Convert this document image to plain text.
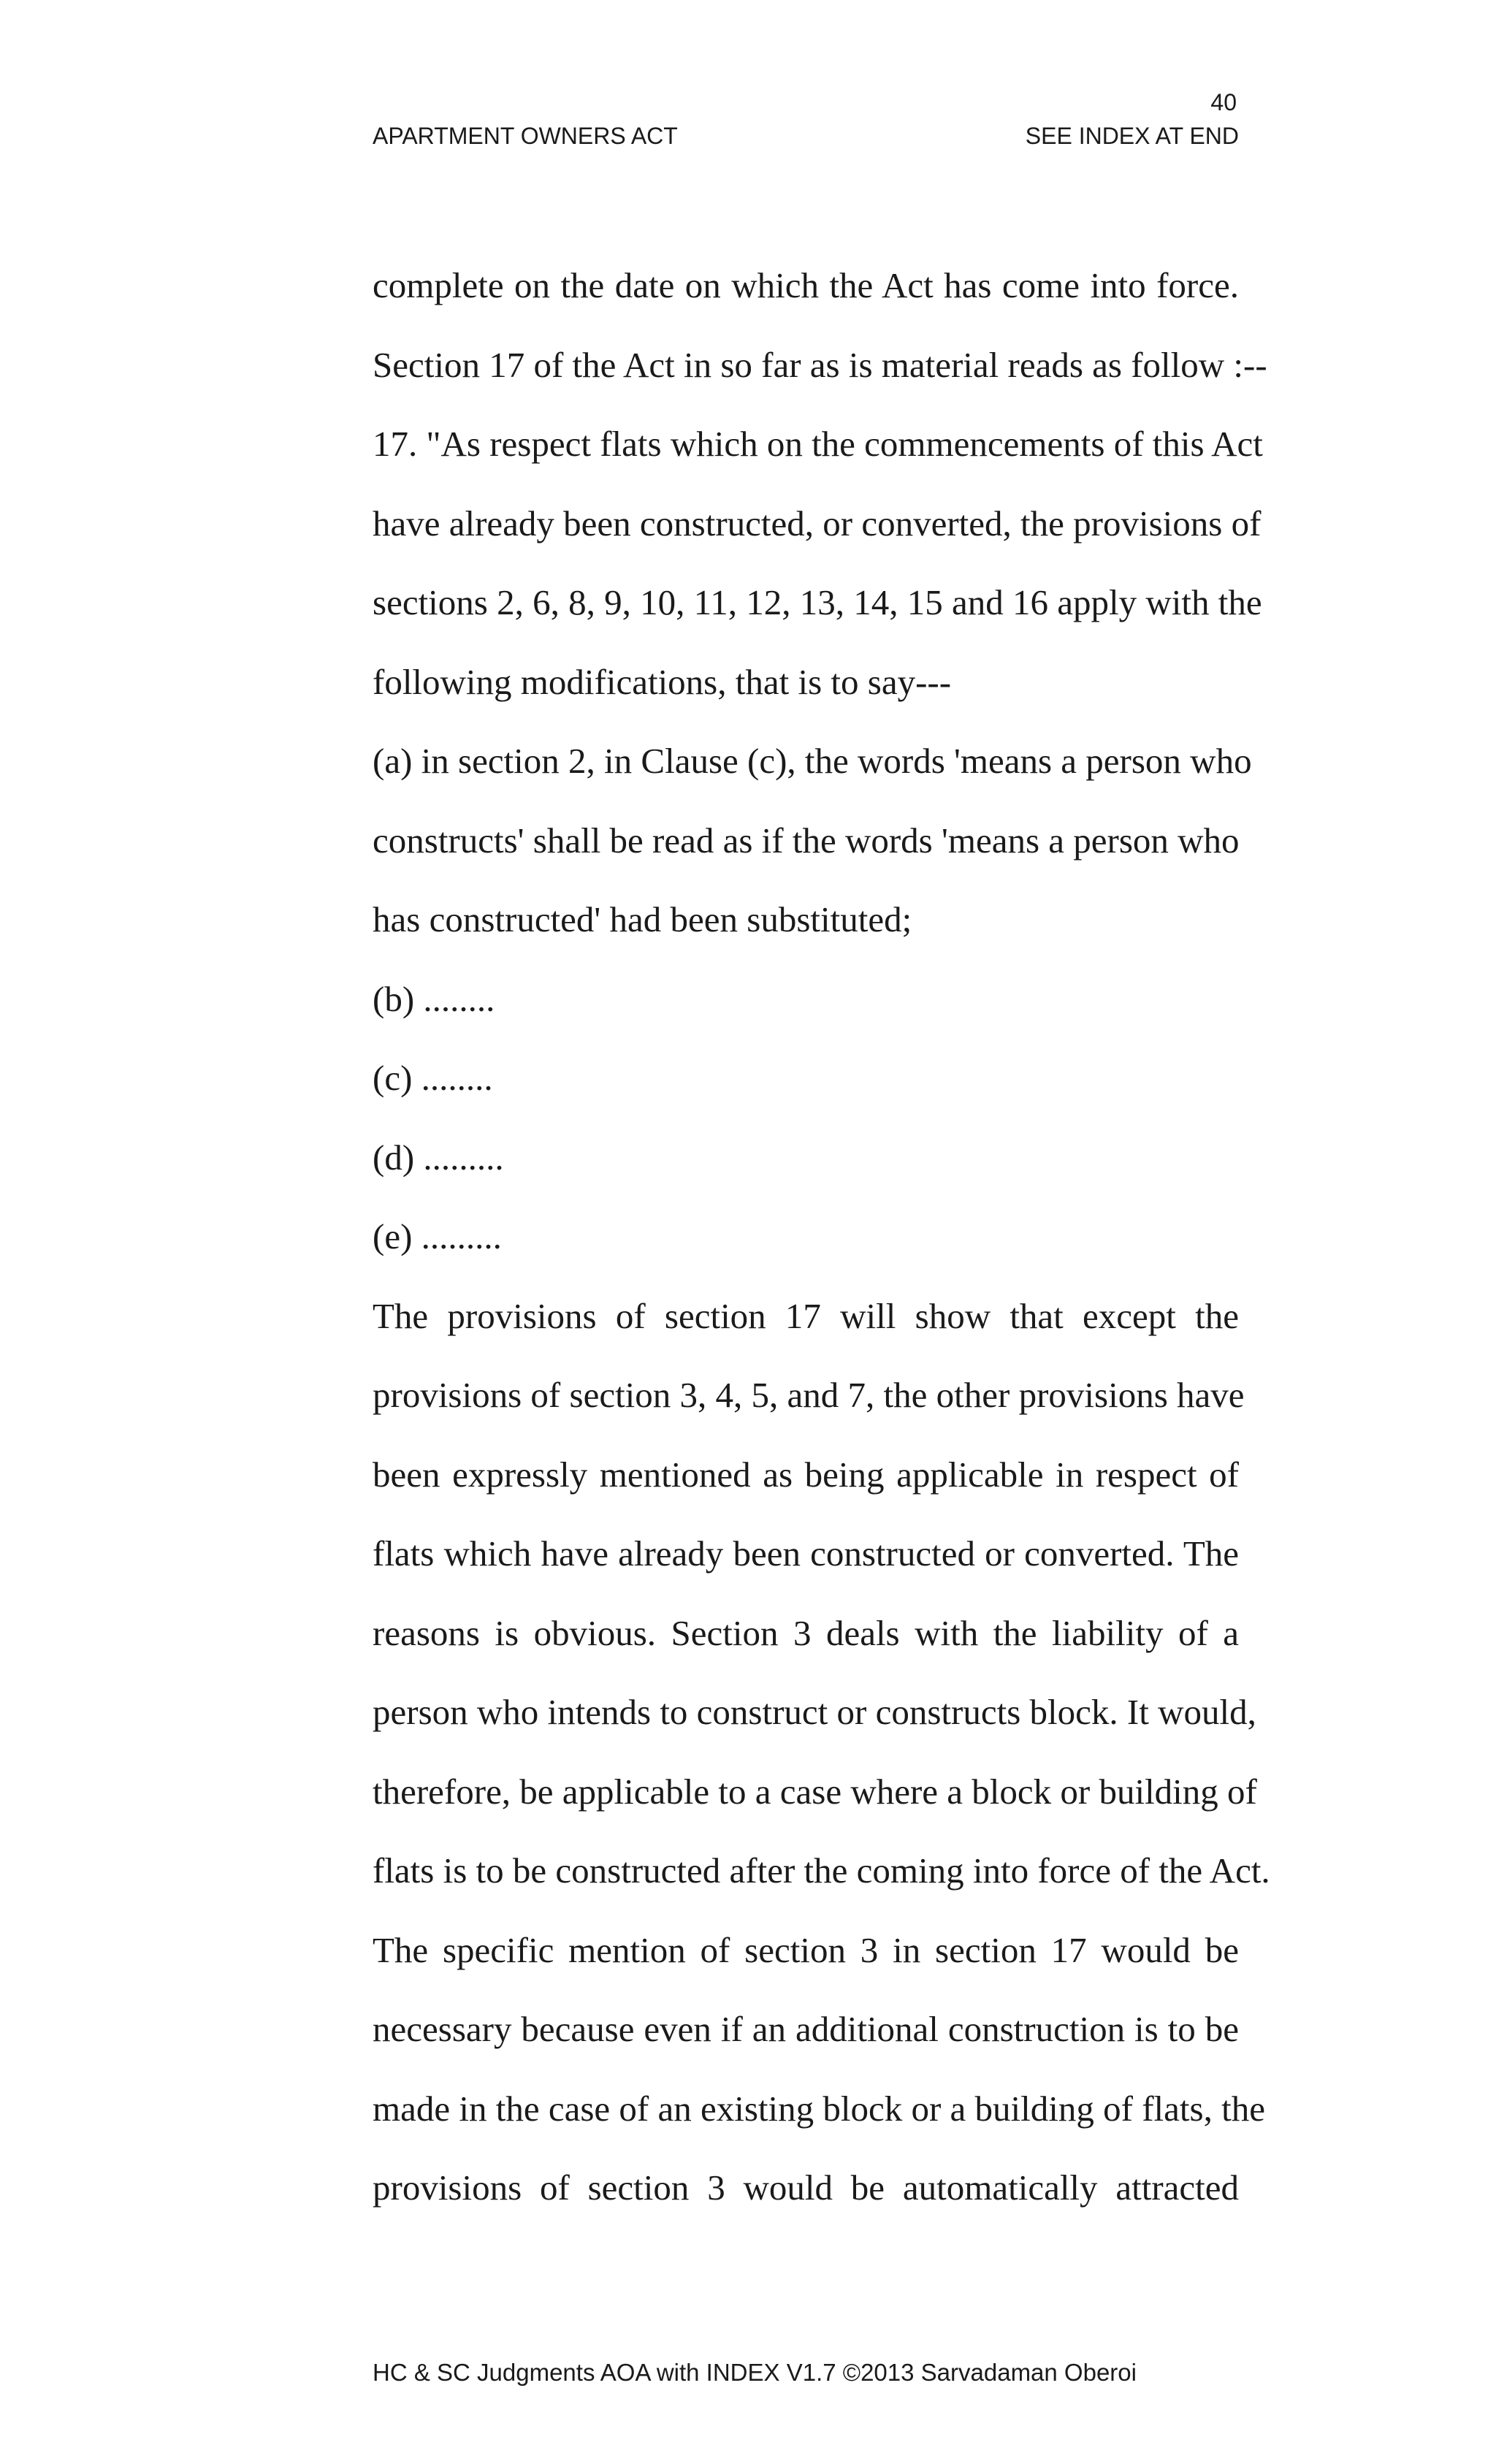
40
APARTMENT OWNERS ACT	SEE INDEX AT END
complete on the date on which the Act has come into force.
Section 17 of the Act in so far as is material reads as follow :--
17. "As respect flats which on the commencements of this Act
have already been constructed, or converted, the provisions of
sections 2, 6, 8, 9, 10, 11, 12, 13, 14, 15 and 16 apply with the
following modifications, that is to say---
(a) in section 2, in Clause (c), the words 'means a person who
constructs' shall be read as if the words 'means a person who
has constructed' had been substituted;
(b) ........
(c) ........
(d) .........
(e) .........
The provisions of section 17 will show that except the
provisions of section 3, 4, 5, and 7, the other provisions have
been expressly mentioned as being applicable in respect of
flats which have already been constructed or converted. The
reasons is obvious. Section 3 deals with the liability of a
person who intends to construct or constructs block. It would,
therefore, be applicable to a case where a block or building of
flats is to be constructed after the coming into force of the Act.
The specific mention of section 3 in section 17 would be
necessary because even if an additional construction is to be
made in the case of an existing block or a building of flats, the
provisions of section 3 would be automatically attracted
HC & SC Judgments AOA with INDEX V1.7 ©2013 Sarvadaman Oberoi
